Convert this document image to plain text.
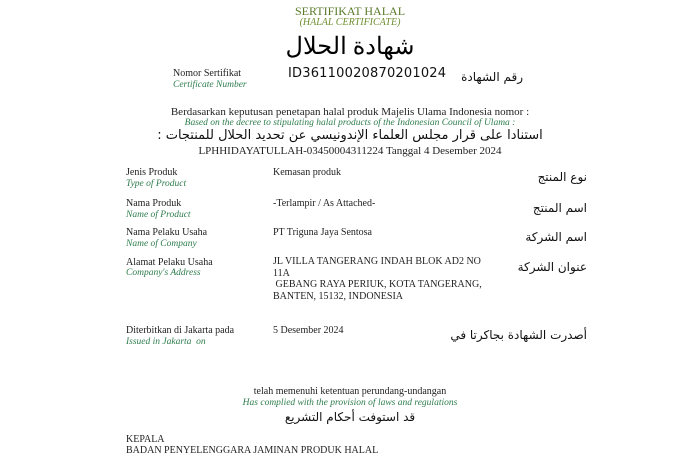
SERTIFIKAT HALAL
(HALAL CERTIFICATE)
شهادة الحلال
Nomor Sertifikat
Certificate Number
ID36110020870201024 رقم الشهادة
Berdasarkan keputusan penetapan halal produk Majelis Ulama Indonesia nomor :
Based on the decree to stipulating halal products of the Indonesian Council of Ulama :
استنادا على قرار مجلس العلماء الإندونيسي عن تحديد الحلال للمنتجات :
LPHHIDAYATULLAH-03450004311224 Tanggal 4 Desember 2024
Jenis Produk
Type of Product
Kemasan produk	نوع المنتج
Nama Produk
Name of Product
-Terlampir / As Attached-	اسم المنتج
Nama Pelaku Usaha
Name of Company
PT Triguna Jaya Sentosa	اسم الشركة
Alamat Pelaku Usaha
Company's Address
JL VILLA TANGERANG INDAH BLOK AD2 NO
11A
GEBANG RAYA PERIUK, KOTA TANGERANG,
BANTEN, 15132, INDONESIA
عنوان الشركة
Diterbitkan di Jakarta pada
Issued in Jakarta  on
5 Desember 2024	أصدرت الشهادة بجاكرتا في
telah memenuhi ketentuan perundang-undangan
Has complied with the provision of laws and regulations
قد استوفت أحكام التشريع
KEPALA
BADAN PENYELENGGARA JAMINAN PRODUK HALAL
